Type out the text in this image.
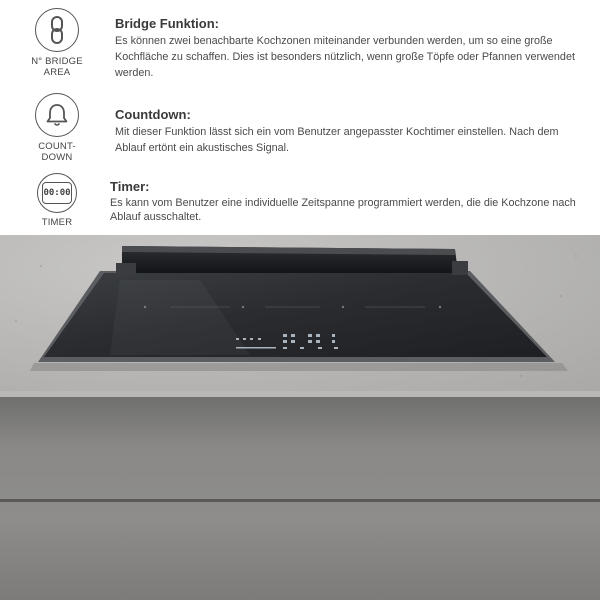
N° BRIDGE
AREA

Bridge Funktion:

Es können zwei benachbarte Kochzonen miteinander verbunden werden, um so eine große Kochfläche zu schaffen. Dies ist besonders nützlich, wenn große Töpfe oder Pfannen verwendet werden.

COUNT-
DOWN

Countdown:

Mit dieser Funktion lässt sich ein vom Benutzer angepasster Kochtimer einstellen. Nach dem Ablauf ertönt ein akustisches Signal.

00:00
TIMER

Timer:

Es kann vom Benutzer eine individuelle Zeitspanne programmiert werden, die die Kochzone nach Ablauf ausschaltet.
